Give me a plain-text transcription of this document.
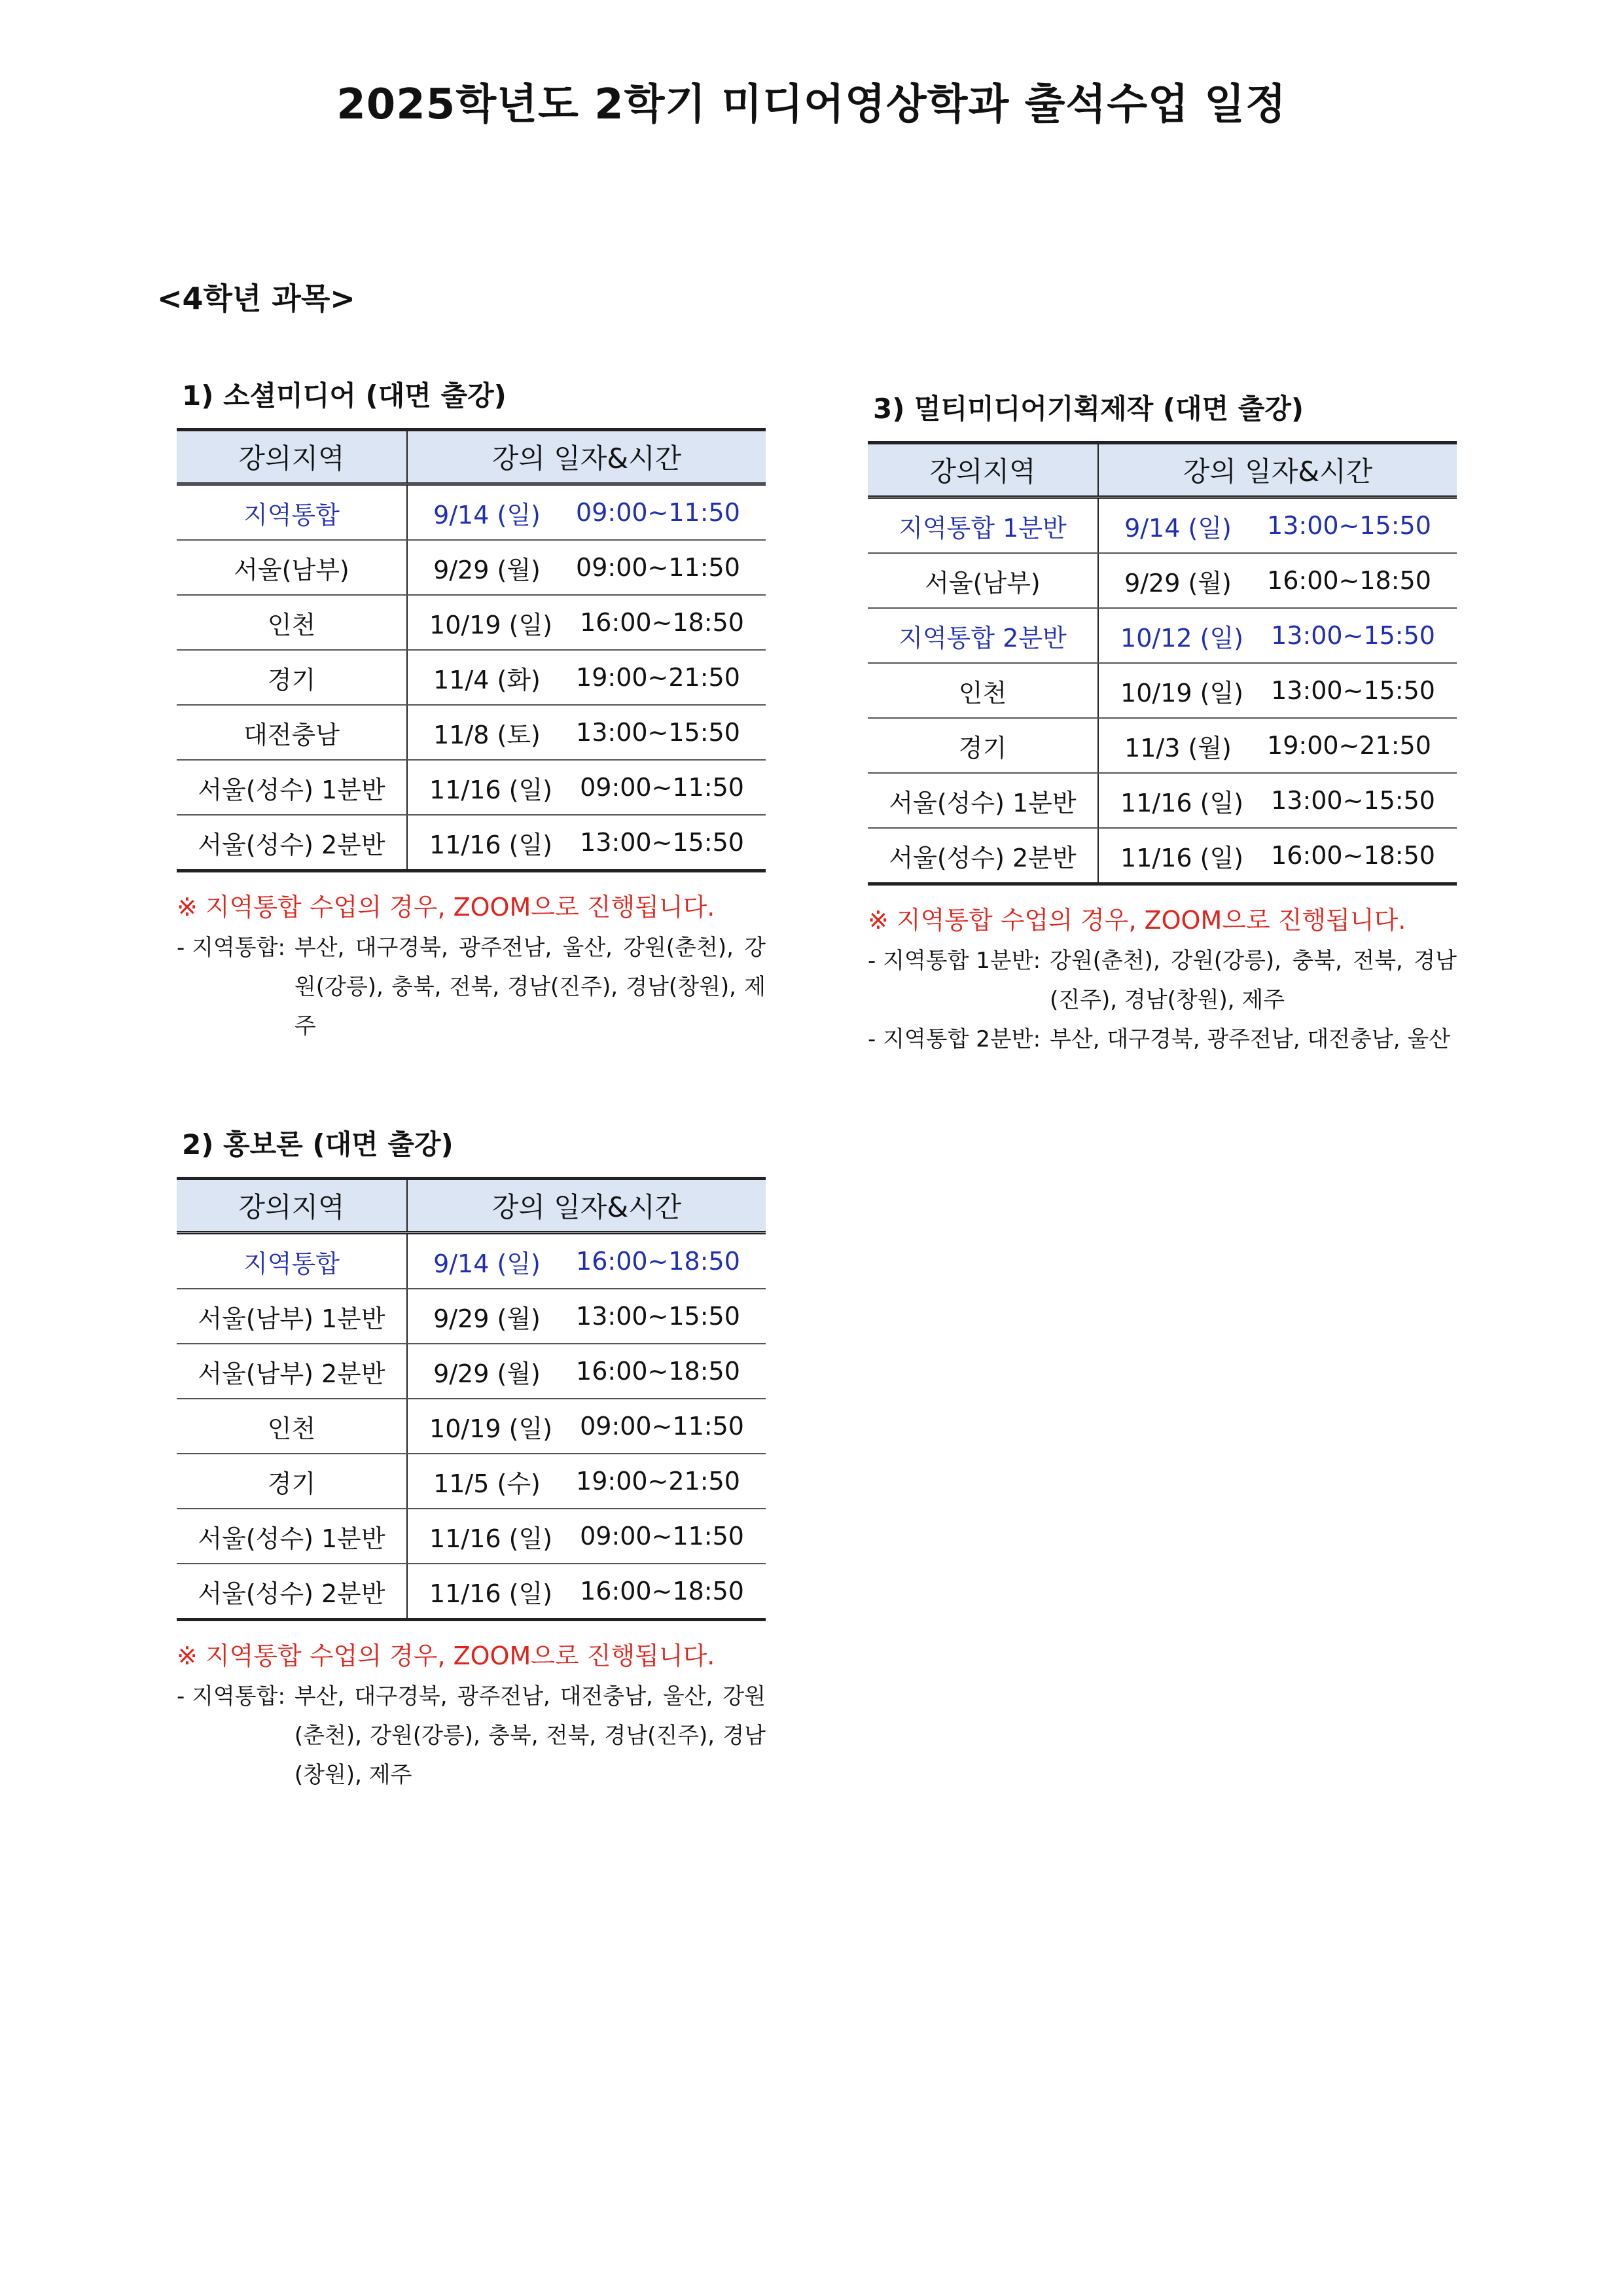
2025학년도 2학기 미디어영상학과 출석수업 일정
<4학년 과목>
1) 소셜미디어 (대면 출강)
강의지역	강의 일자&시간
지역통합	9/14 (일) 09:00~11:50

서울(남부)	9/29 (월) 09:00~11:50

인천	10/19 (일) 16:00~18:50

경기	11/4 (화) 19:00~21:50

대전충남	11/8 (토) 13:00~15:50

서울(성수) 1분반	11/16 (일) 09:00~11:50

서울(성수) 2분반	11/16 (일) 13:00~15:50
※ 지역통합 수업의 경우, ZOOM으로 진행됩니다.
- 지역통합: 부산, 대구경북, 광주전남, 울산, 강원(춘천), 강원(강릉), 충북, 전북, 경남(진주), 경남(창원), 제주
2) 홍보론 (대면 출강)
강의지역	강의 일자&시간
지역통합	9/14 (일) 16:00~18:50

서울(남부) 1분반	9/29 (월) 13:00~15:50

서울(남부) 2분반	9/29 (월) 16:00~18:50

인천	10/19 (일) 09:00~11:50

경기	11/5 (수) 19:00~21:50

서울(성수) 1분반	11/16 (일) 09:00~11:50

서울(성수) 2분반	11/16 (일) 16:00~18:50
※ 지역통합 수업의 경우, ZOOM으로 진행됩니다.
- 지역통합: 부산, 대구경북, 광주전남, 대전충남, 울산, 강원(춘천), 강원(강릉), 충북, 전북, 경남(진주), 경남(창원), 제주
3) 멀티미디어기획제작 (대면 출강)
강의지역	강의 일자&시간
지역통합 1분반	9/14 (일) 13:00~15:50

서울(남부)	9/29 (월) 16:00~18:50

지역통합 2분반	10/12 (일) 13:00~15:50

인천	10/19 (일) 13:00~15:50

경기	11/3 (월) 19:00~21:50

서울(성수) 1분반	11/16 (일) 13:00~15:50

서울(성수) 2분반	11/16 (일) 16:00~18:50
※ 지역통합 수업의 경우, ZOOM으로 진행됩니다.
- 지역통합 1분반: 강원(춘천), 강원(강릉), 충북, 전북, 경남(진주), 경남(창원), 제주
- 지역통합 2분반: 부산, 대구경북, 광주전남, 대전충남, 울산
